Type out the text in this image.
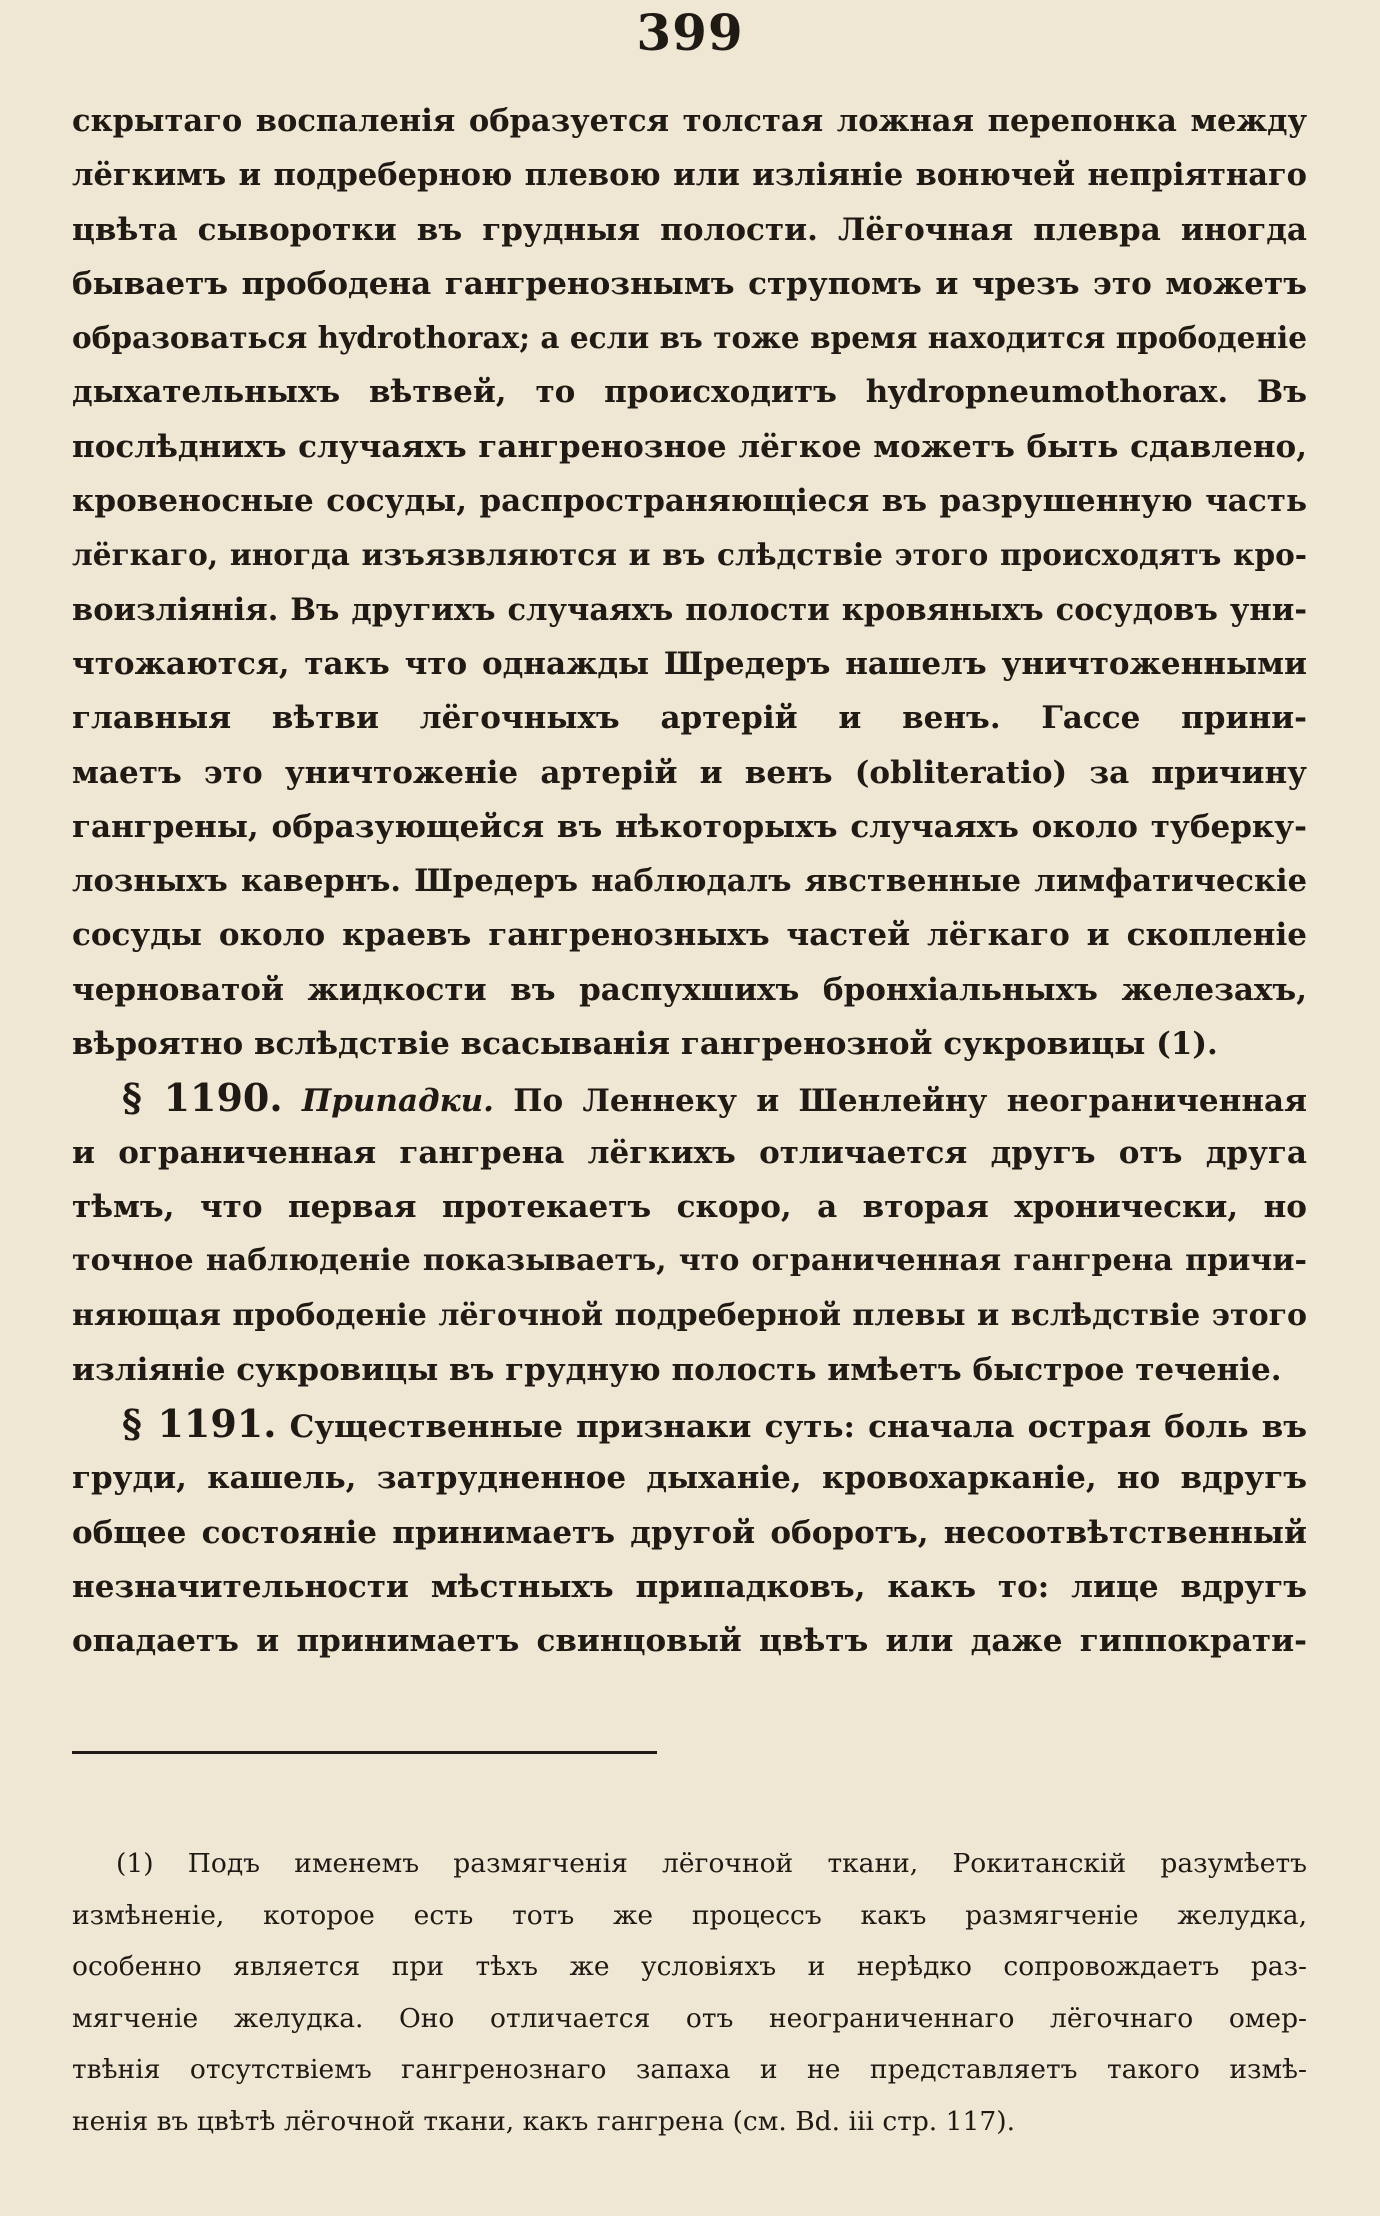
399
скрытаго воспаленія образуется толстая ложная перепонка между
лёгкимъ и подреберною плевою или изліяніе вонючей непріятнаго
цвѣта сыворотки въ грудныя полости. Лёгочная плевра иногда
бываетъ прободена гангренознымъ струпомъ и чрезъ это можетъ
образоваться hydrothorax; а если въ тоже время находится прободеніе
дыхательныхъ вѣтвей, то происходитъ hydropneumothorax. Въ
послѣднихъ случаяхъ гангренозное лёгкое можетъ быть сдавлено,
кровеносные сосуды, распространяющіеся въ разрушенную часть
лёгкаго, иногда изъязвляются и въ слѣдствіе этого происходятъ кро-
воизліянія. Въ другихъ случаяхъ полости кровяныхъ сосудовъ уни-
чтожаются, такъ что однажды Шредеръ нашелъ уничтоженными
главныя вѣтви лёгочныхъ артерій и венъ. Гассе прини-
маетъ это уничтоженіе артерій и венъ (obliteratio) за причину
гангрены, образующейся въ нѣкоторыхъ случаяхъ около туберку-
лозныхъ кавернъ. Шредеръ наблюдалъ явственные лимфатическіе
сосуды около краевъ гангренозныхъ частей лёгкаго и скопленіе
черноватой жидкости въ распухшихъ бронхіальныхъ железахъ,
вѣроятно вслѣдствіе всасыванія гангренозной сукровицы (1).
§ 1190. Припадки. По Леннеку и Шенлейну неограниченная
и ограниченная гангрена лёгкихъ отличается другъ отъ друга
тѣмъ, что первая протекаетъ скоро, а вторая хронически, но
точное наблюденіе показываетъ, что ограниченная гангрена причи-
няющая прободеніе лёгочной подреберной плевы и вслѣдствіе этого
изліяніе сукровицы въ грудную полость имѣетъ быстрое теченіе.
§ 1191. Существенные признаки суть: сначала острая боль въ
груди, кашель, затрудненное дыханіе, кровохарканіе, но вдругъ
общее состояніе принимаетъ другой оборотъ, несоотвѣтственный
незначительности мѣстныхъ припадковъ, какъ то: лице вдругъ
опадаетъ и принимаетъ свинцовый цвѣтъ или даже гиппократи-
(1) Подъ именемъ размягченія лёгочной ткани, Рокитанскій разумѣетъ
измѣненіе, которое есть тотъ же процессъ какъ размягченіе желудка,
особенно является при тѣхъ же условіяхъ и нерѣдко сопровождаетъ раз-
мягченіе желудка. Оно отличается отъ неограниченнаго лёгочнаго омер-
твѣнія отсутствіемъ гангренознаго запаха и не представляетъ такого измѣ-
ненія въ цвѣтѣ лёгочной ткани, какъ гангрена (см. Bd. iii стр. 117).
